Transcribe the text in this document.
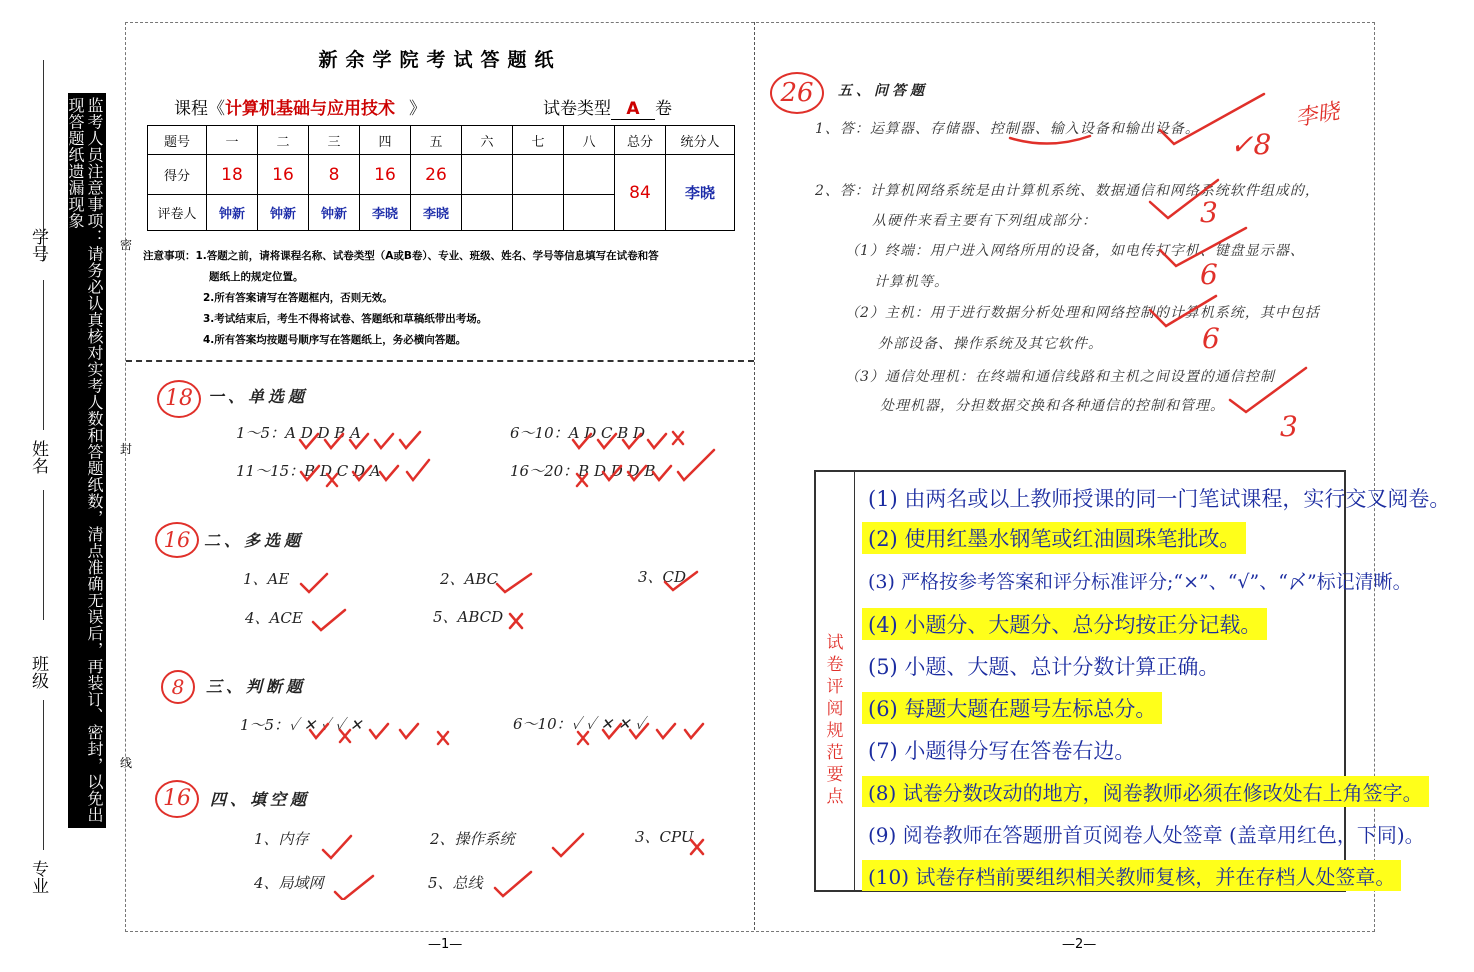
学号
姓名
班级
专业
监考人员注意事项：请务必认真核对实考人数和答题纸数，清点准确无误后，再装订、密封，以免出现答题纸遗漏现象
密
封
线
新余学院考试答题纸
课程《计算机基础与应用技术 》	试卷类型 A 卷
题号	一	二	三	四	五	六	七	八	总分	统分人
得分	18	16	8	16	26				84	李晓
评卷人	钟新	钟新	钟新	李晓	李晓					
注意事项：1.答题之前，请将课程名称、试卷类型（A或B卷）、专业、班级、姓名、学号等信息填写在试卷和答
题纸上的规定位置。
2.所有答案请写在答题框内，否则无效。
3.考试结束后，考生不得将试卷、答题纸和草稿纸带出考场。
4.所有答案均按题号顺序写在答题纸上，务必横向答题。
18 一、单选题
1～5：A D D B A	6～10：A D C B D
11～15：B D C D A	16～20：B D D D B
16 二、多选题
1、AE	2、ABC	3、CD
4、ACE	5、ABCD
8	三、判断题
1～5：✓ ✕ ✓ ✓ ✕	6～10：✓ ✓ ✕ ✕ ✓
16	四、填空题
1、内存	2、操作系统	3、CPU
4、局域网	5、总线
26	五、问答题
1、答：运算器、存储器、控制器、输入设备和输出设备。
2、答：计算机网络系统是由计算机系统、数据通信和网络系统软件组成的，
从硬件来看主要有下列组成部分：
（1）终端：用户进入网络所用的设备，如电传打字机、键盘显示器、
计算机等。
（2）主机：用于进行数据分析处理和网络控制的计算机系统，其中包括
外部设备、操作系统及其它软件。
（3）通信处理机：在终端和通信线路和主机之间设置的通信控制
处理机器，分担数据交换和各种通信的控制和管理。
✓8
3
6
6
3
李晓
试卷评阅规范要点
(1) 由两名或以上教师授课的同一门笔试课程，实行交叉阅卷。
(2) 使用红墨水钢笔或红油圆珠笔批改。
(3) 严格按参考答案和评分标准评分;“×”、“√”、“〆”标记清晰。
(4) 小题分、大题分、总分均按正分记载。
(5) 小题、大题、总计分数计算正确。
(6) 每题大题在题号左标总分。
(7) 小题得分写在答卷右边。
(8) 试卷分数改动的地方，阅卷教师必须在修改处右上角签字。
(9) 阅卷教师在答题册首页阅卷人处签章 (盖章用红色，下同)。
(10) 试卷存档前要组织相关教师复核，并在存档人处签章。
—1—	—2—
